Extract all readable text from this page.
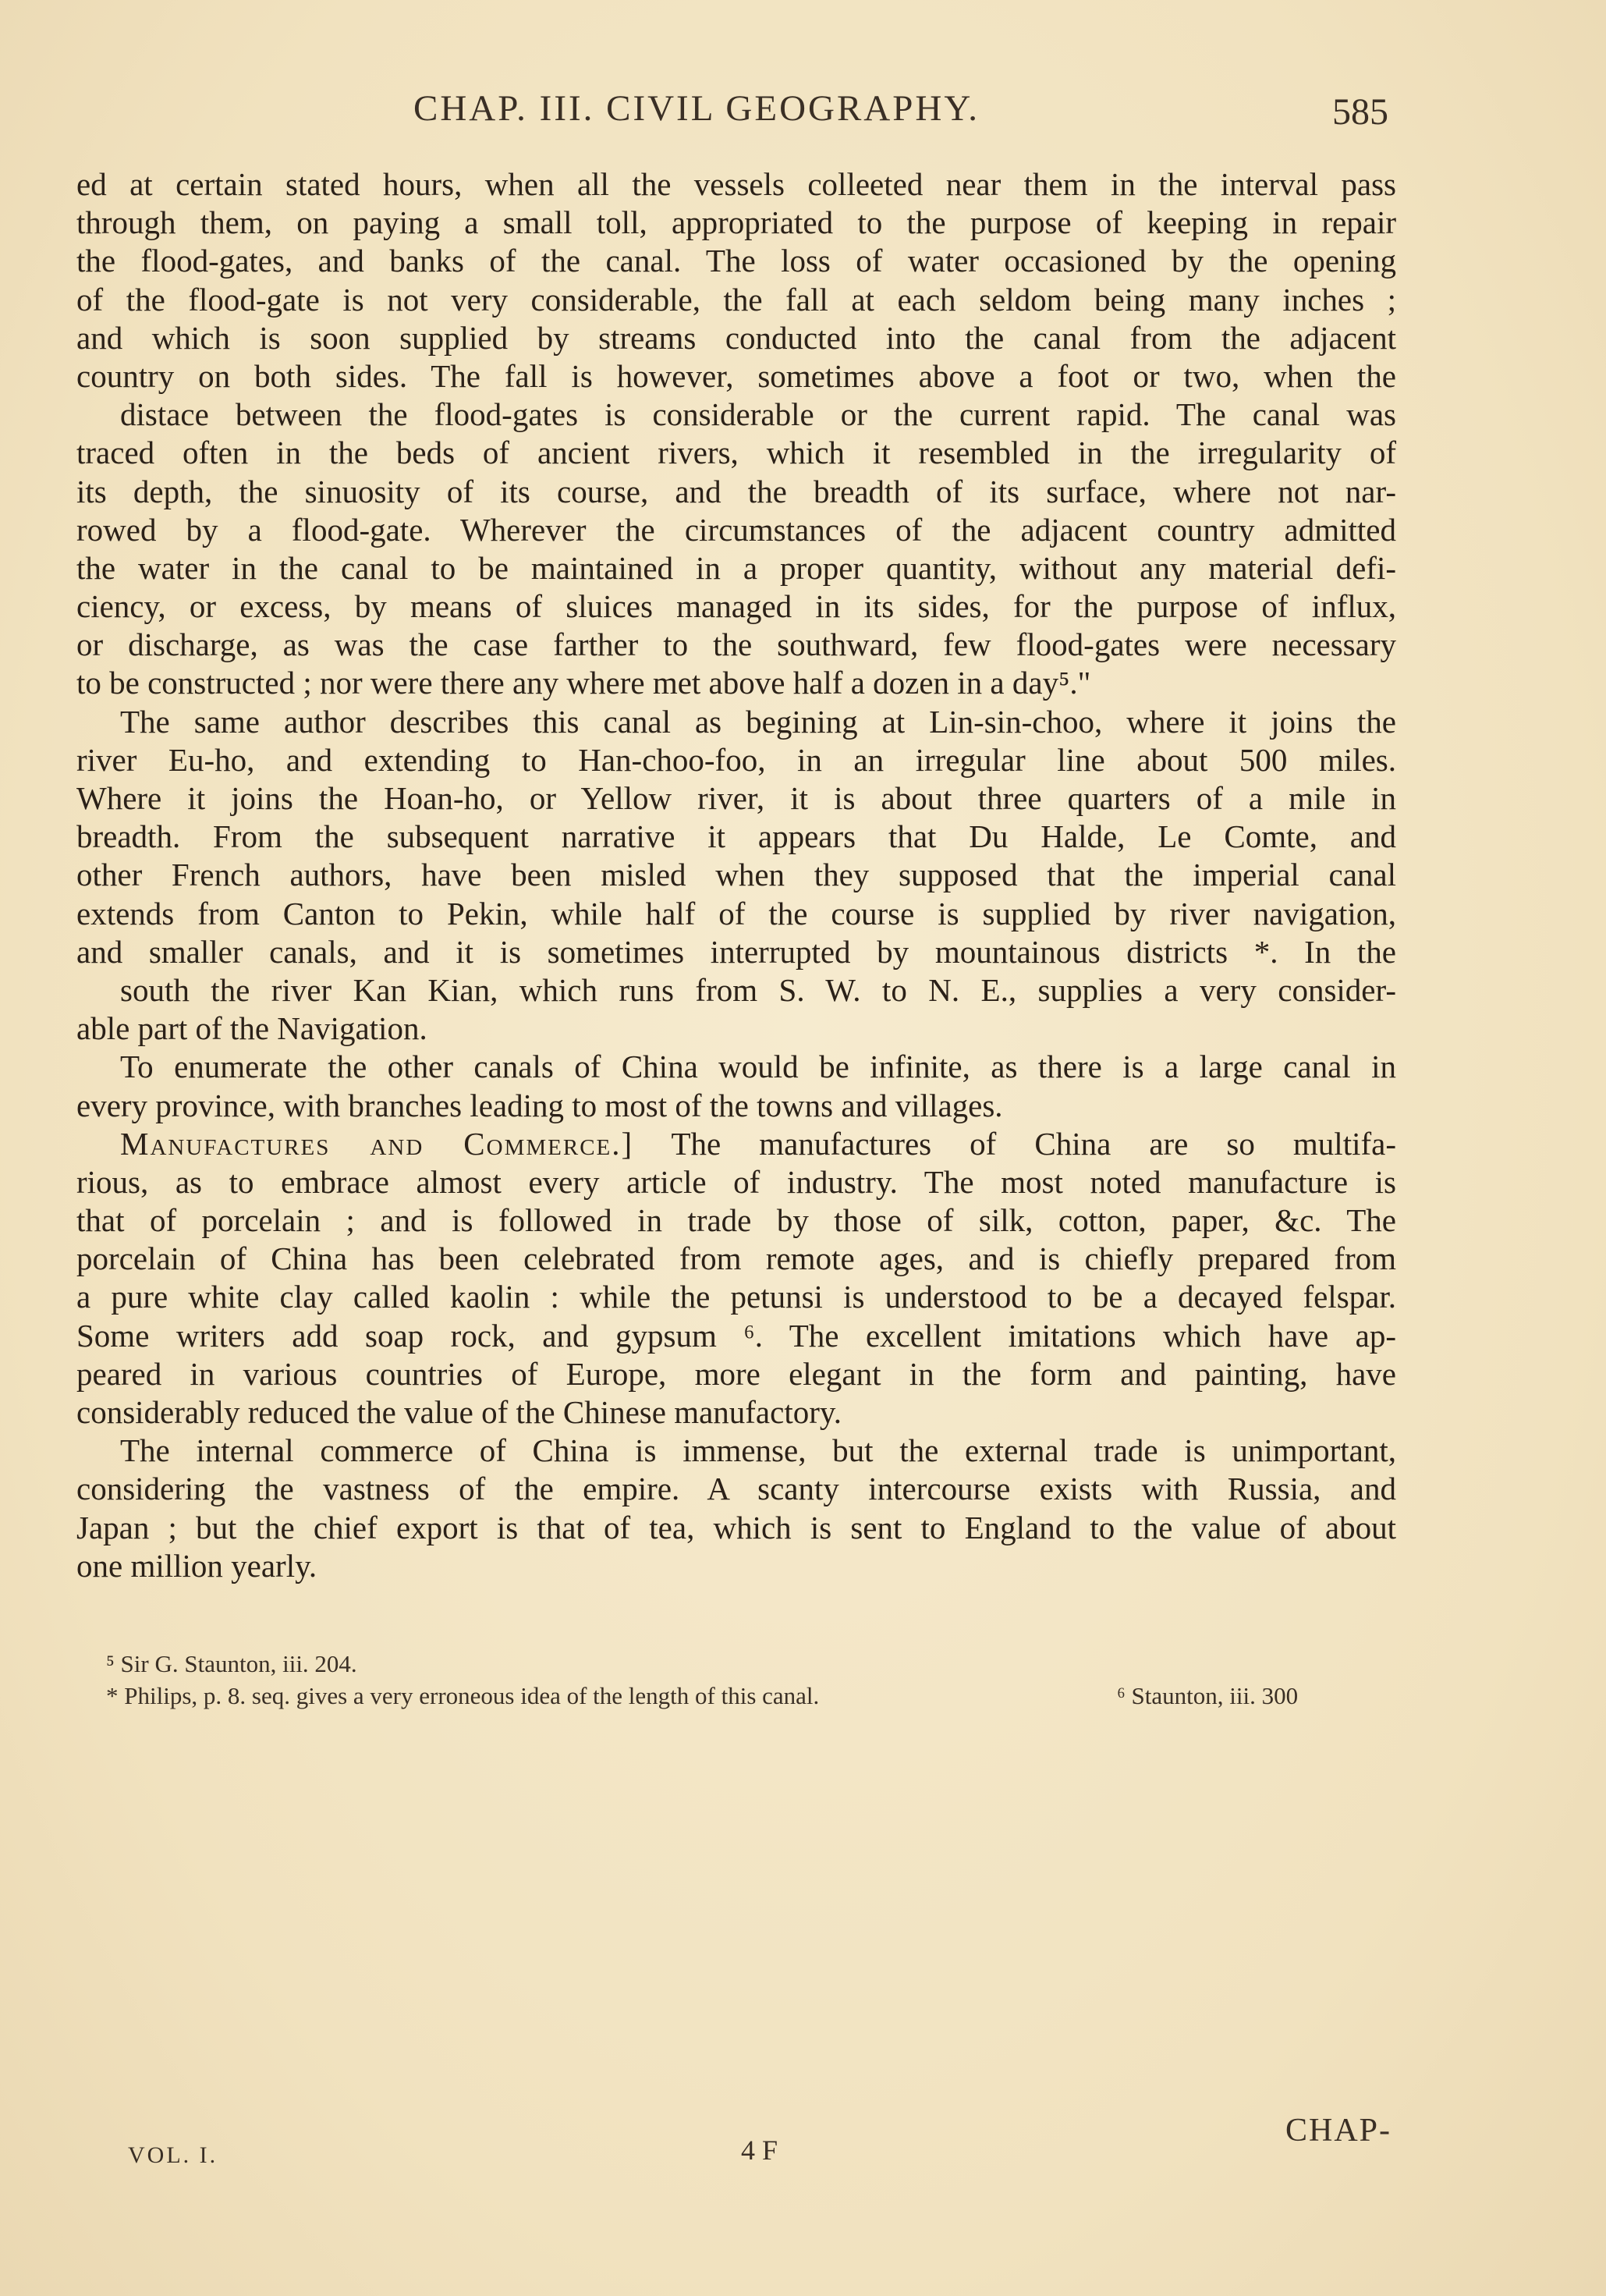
CHAP. III. CIVIL GEOGRAPHY.	585
ed at certain stated hours, when all the vessels colleeted near them in the interval pass
through them, on paying a small toll, appropriated to the purpose of keeping in repair
the flood-gates, and banks of the canal. The loss of water occasioned by the opening
of the flood-gate is not very considerable, the fall at each seldom being many inches ;
and which is soon supplied by streams conducted into the canal from the adjacent
country on both sides. The fall is however, sometimes above a foot or two, when the
distace between the flood-gates is considerable or the current rapid. The canal was
traced often in the beds of ancient rivers, which it resembled in the irregularity of
its depth, the sinuosity of its course, and the breadth of its surface, where not nar-
rowed by a flood-gate. Wherever the circumstances of the adjacent country admitted
the water in the canal to be maintained in a proper quantity, without any material defi-
ciency, or excess, by means of sluices managed in its sides, for the purpose of influx,
or discharge, as was the case farther to the southward, few flood-gates were necessary
to be constructed ; nor were there any where met above half a dozen in a day⁵."
The same author describes this canal as begining at Lin-sin-choo, where it joins the
river Eu-ho, and extending to Han-choo-foo, in an irregular line about 500 miles.
Where it joins the Hoan-ho, or Yellow river, it is about three quarters of a mile in
breadth. From the subsequent narrative it appears that Du Halde, Le Comte, and
other French authors, have been misled when they supposed that the imperial canal
extends from Canton to Pekin, while half of the course is supplied by river navigation,
and smaller canals, and it is sometimes interrupted by mountainous districts *. In the
south the river Kan Kian, which runs from S. W. to N. E., supplies a very consider-
able part of the Navigation.
To enumerate the other canals of China would be infinite, as there is a large canal in
every province, with branches leading to most of the towns and villages.
Manufactures and Commerce.] The manufactures of China are so multifa-
rious, as to embrace almost every article of industry. The most noted manufacture is
that of porcelain ; and is followed in trade by those of silk, cotton, paper, &c. The
porcelain of China has been celebrated from remote ages, and is chiefly prepared from
a pure white clay called kaolin : while the petunsi is understood to be a decayed felspar.
Some writers add soap rock, and gypsum ⁶. The excellent imitations which have ap-
peared in various countries of Europe, more elegant in the form and painting, have
considerably reduced the value of the Chinese manufactory.
The internal commerce of China is immense, but the external trade is unimportant,
considering the vastness of the empire. A scanty intercourse exists with Russia, and
Japan ; but the chief export is that of tea, which is sent to England to the value of about
one million yearly.
⁵ Sir G. Staunton, iii. 204.
* Philips, p. 8. seq. gives a very erroneous idea of the length of this canal.	⁶ Staunton, iii. 300
VOL. I.	4 F
CHAP-
